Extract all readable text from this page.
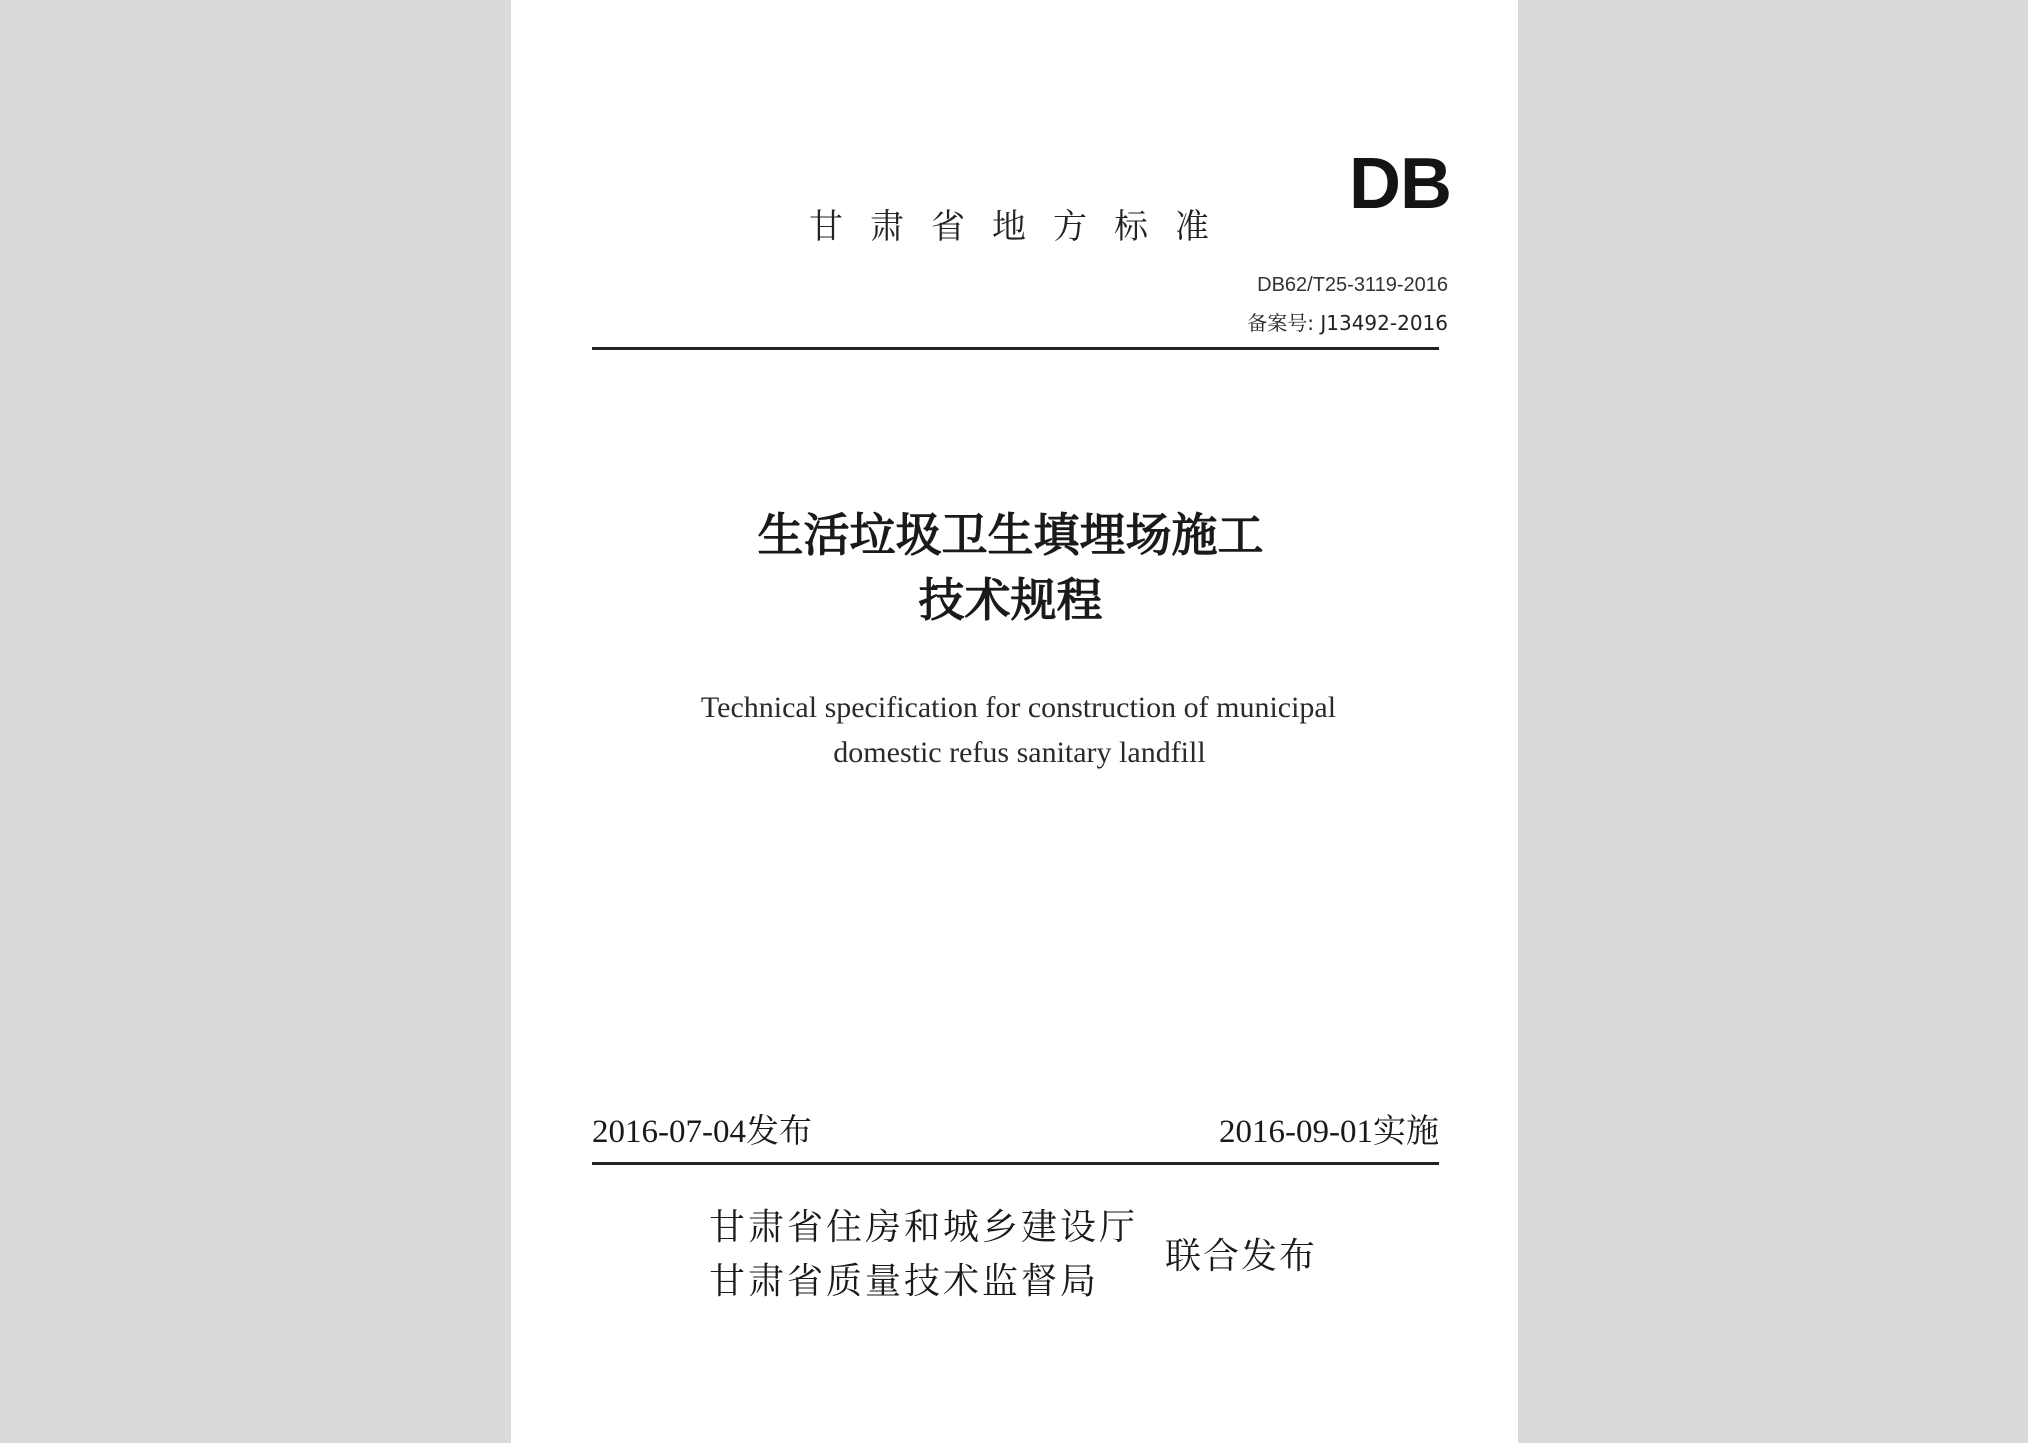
DB
甘肃省地方标准
DB62/T25-3119-2016
备案号: J13492-2016
生活垃圾卫生填埋场施工
技术规程
Technical specification for construction of municipal
domestic refus sanitary landfill
2016-07-04发布	2016-09-01实施
甘肃省住房和城乡建设厅
甘肃省质量技术监督局
联合发布
